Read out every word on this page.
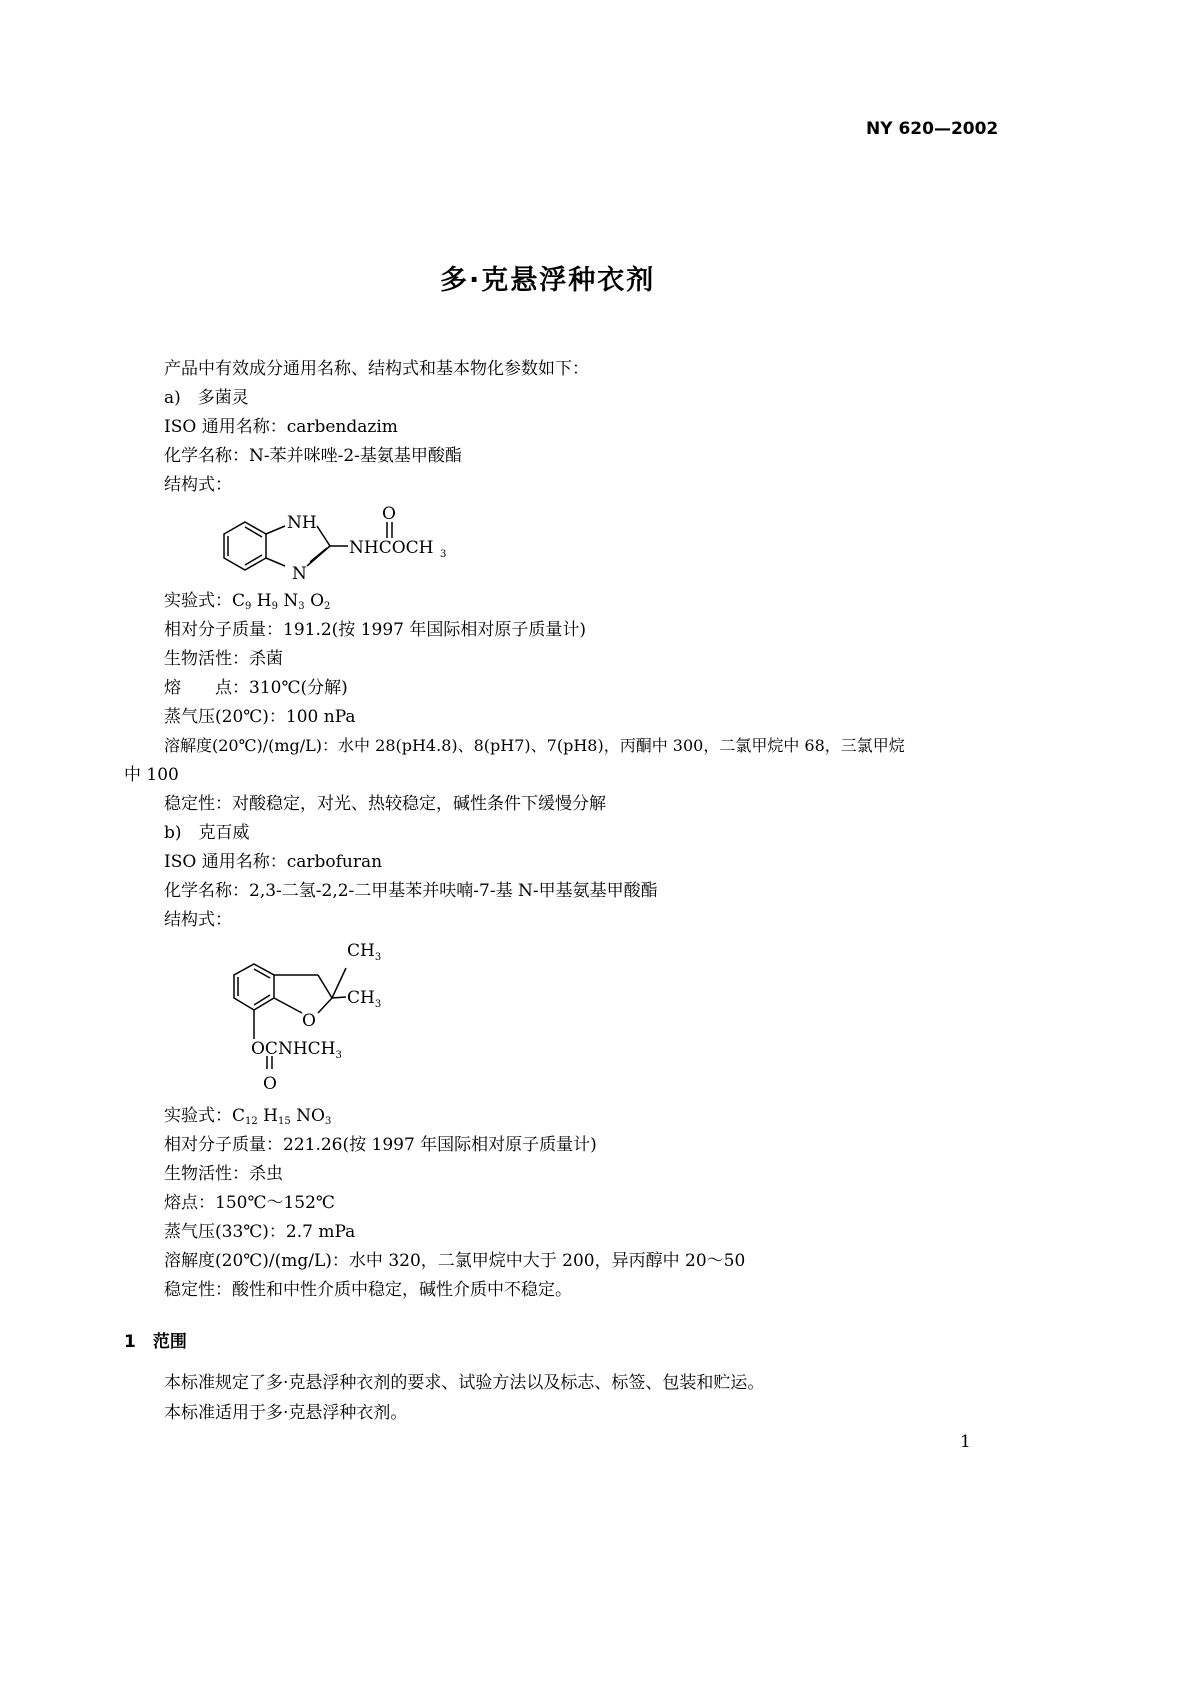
NY 620—2002
多·克悬浮种衣剂
产品中有效成分通用名称、结构式和基本物化参数如下：
a)　多菌灵
ISO 通用名称：carbendazim
化学名称：N-苯并咪唑-2-基氨基甲酸酯
结构式：
NH
N
O
NHCOCH 3
实验式：$C_9$ $H_9$ $N_3$ $O_2$
相对分子质量：191.2(按 1997 年国际相对原子质量计)
生物活性：杀菌
熔　　点：310℃(分解)
蒸气压(20℃)：100 nPa
溶解度(20℃)/(mg/L)：水中 28(pH4.8)、8(pH7)、7(pH8)，丙酮中 300，二氯甲烷中 68，三氯甲烷
中 100
稳定性：对酸稳定，对光、热较稳定，碱性条件下缓慢分解
b)　克百威
ISO 通用名称：carbofuran
化学名称：2,3-二氢-2,2-二甲基苯并呋喃-7-基 N-甲基氨基甲酸酯
结构式：
$CH_3$
$CH_3$
O
$OCNHCH_3$
O
实验式：$C_{12}$ $H_{15}$ $NO_3$
相对分子质量：221.26(按 1997 年国际相对原子质量计)
生物活性：杀虫
熔点：150℃～152℃
蒸气压(33℃)：2.7 mPa
溶解度(20℃)/(mg/L)：水中 320，二氯甲烷中大于 200，异丙醇中 20～50
稳定性：酸性和中性介质中稳定，碱性介质中不稳定。
1　范围
本标准规定了多·克悬浮种衣剂的要求、试验方法以及标志、标签、包装和贮运。
本标准适用于多·克悬浮种衣剂。
1
